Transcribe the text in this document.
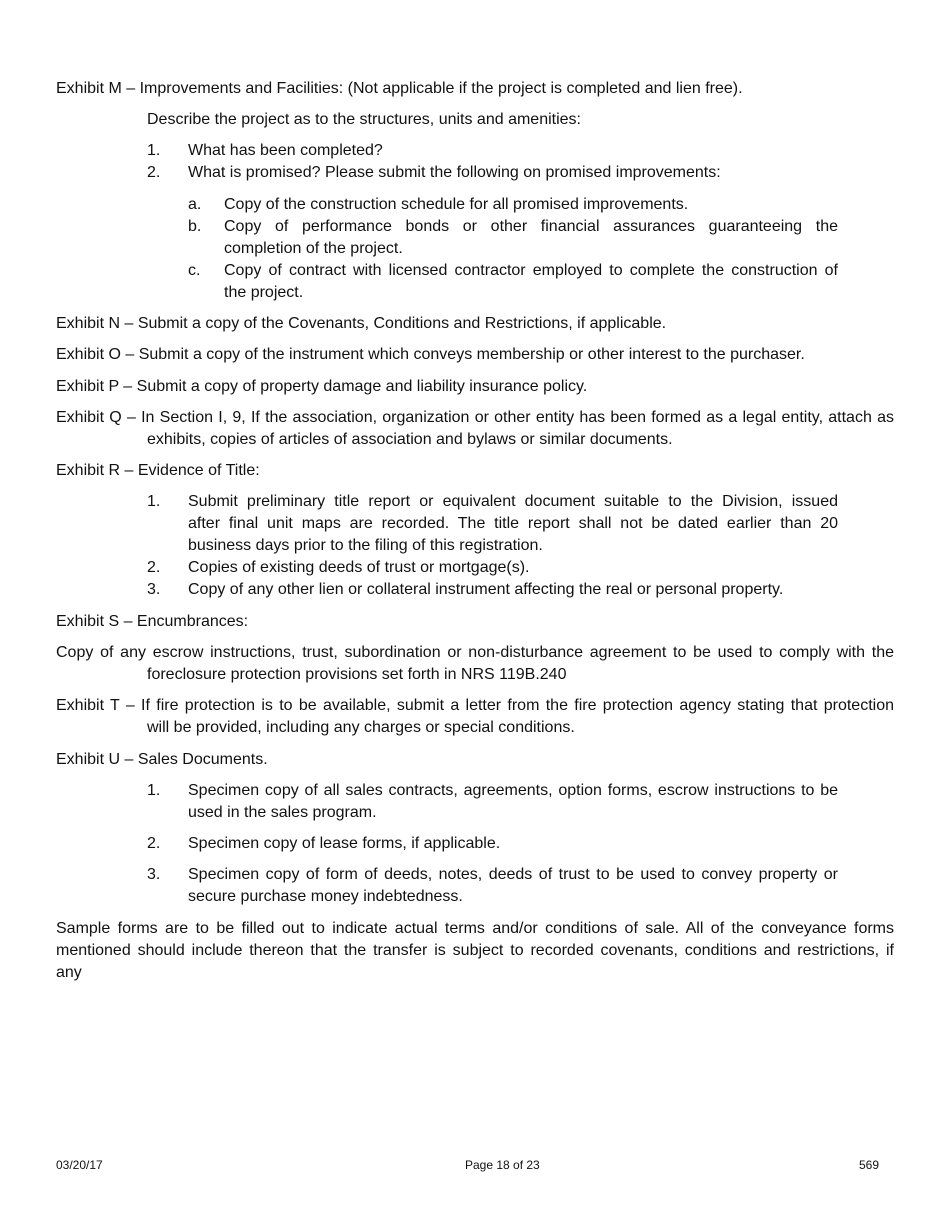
Exhibit M – Improvements and Facilities: (Not applicable if the project is completed and lien free).
Describe the project as to the structures, units and amenities:
1. What has been completed?
2. What is promised? Please submit the following on promised improvements:
a. Copy of the construction schedule for all promised improvements.
b. Copy of performance bonds or other financial assurances guaranteeing the
completion of the project.
c. Copy of contract with licensed contractor employed to complete the construction of
the project.
Exhibit N – Submit a copy of the Covenants, Conditions and Restrictions, if applicable.
Exhibit O – Submit a copy of the instrument which conveys membership or other interest to the purchaser.
Exhibit P – Submit a copy of property damage and liability insurance policy.
Exhibit Q – In Section I, 9, If the association, organization or other entity has been formed as a legal entity, attach as
exhibits, copies of articles of association and bylaws or similar documents.
Exhibit R – Evidence of Title:
1. Submit preliminary title report or equivalent document suitable to the Division, issued
after final unit maps are recorded. The title report shall not be dated earlier than 20
business days prior to the filing of this registration.
2. Copies of existing deeds of trust or mortgage(s).
3. Copy of any other lien or collateral instrument affecting the real or personal property.
Exhibit S – Encumbrances:
Copy of any escrow instructions, trust, subordination or non-disturbance agreement to be used to comply with the
foreclosure protection provisions set forth in NRS 119B.240
Exhibit T – If fire protection is to be available, submit a letter from the fire protection agency stating that protection
will be provided, including any charges or special conditions.
Exhibit U – Sales Documents.
1. Specimen copy of all sales contracts, agreements, option forms, escrow instructions to be
used in the sales program.
2. Specimen copy of lease forms, if applicable.
3. Specimen copy of form of deeds, notes, deeds of trust to be used to convey property or
secure purchase money indebtedness.
Sample forms are to be filled out to indicate actual terms and/or conditions of sale. All of the conveyance forms
mentioned should include thereon that the transfer is subject to recorded covenants, conditions and restrictions, if
any
03/20/17	Page 18 of 23	569
